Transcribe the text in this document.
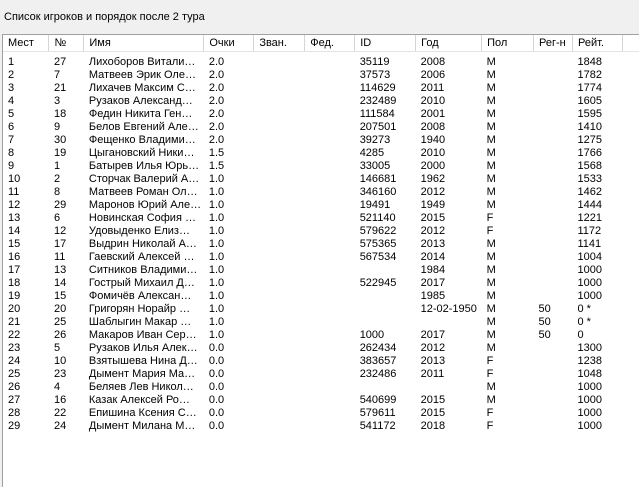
Список игроков и порядок после 2 тура
Мест	№	Имя	Очки	Зван.	Фед.	ID	Год	Пол	Рег-н	Рейт.	
1	27	Лихоборов Витали…	2.0			35119	2008	M		1848	
2	7	Матвеев Эрик Оле…	2.0			37573	2006	M		1782	
3	21	Лихачев Максим С…	2.0			114629	2011	M		1774	
4	3	Рузаков Александ…	2.0			232489	2010	M		1605	
5	18	Федин Никита Ген…	2.0			111584	2001	M		1595	
6	9	Белов Евгений Але…	2.0			207501	2008	M		1410	
7	30	Фещенко Владими…	2.0			39273	1940	M		1275	
8	19	Цыгановский Ники…	1.5			4285	2010	M		1766	
9	1	Батырев Илья Юрь…	1.5			33005	2000	M		1568	
10	2	Сторчак Валерий А…	1.0			146681	1962	M		1533	
11	8	Матвеев Роман Ол…	1.0			346160	2012	M		1462	
12	29	Маронов Юрий Але…	1.0			19491	1949	M		1444	
13	6	Новинская София …	1.0			521140	2015	F		1221	
14	12	Удовыденко Елиз…	1.0			579622	2012	F		1172	
15	17	Выдрин Николай А…	1.0			575365	2013	M		1141	
16	11	Гаевский Алексей …	1.0			567534	2014	M		1004	
17	13	Ситников Владими…	1.0				1984	M		1000	
18	14	Гострый Михаил Д…	1.0			522945	2017	M		1000	
19	15	Фомичёв Алексан…	1.0				1985	M		1000	
20	20	Григорян Норайр …	1.0				12-02-1950	M	50	0 *	
21	25	Шаблыгин Макар …	1.0					M	50	0 *	
22	26	Макаров Иван Сер…	1.0			1000	2017	M	50	0	
23	5	Рузаков Илья Алек…	0.0			262434	2012	M		1300	
24	10	Взятышева Нина Д…	0.0			383657	2013	F		1238	
25	23	Дымент Мария Ма…	0.0			232486	2011	F		1048	
26	4	Беляев Лев Никол…	0.0					M		1000	
27	16	Казак Алексей Ро…	0.0			540699	2015	M		1000	
28	22	Епишина Ксения С…	0.0			579611	2015	F		1000	
29	24	Дымент Милана М…	0.0			541172	2018	F		1000	
